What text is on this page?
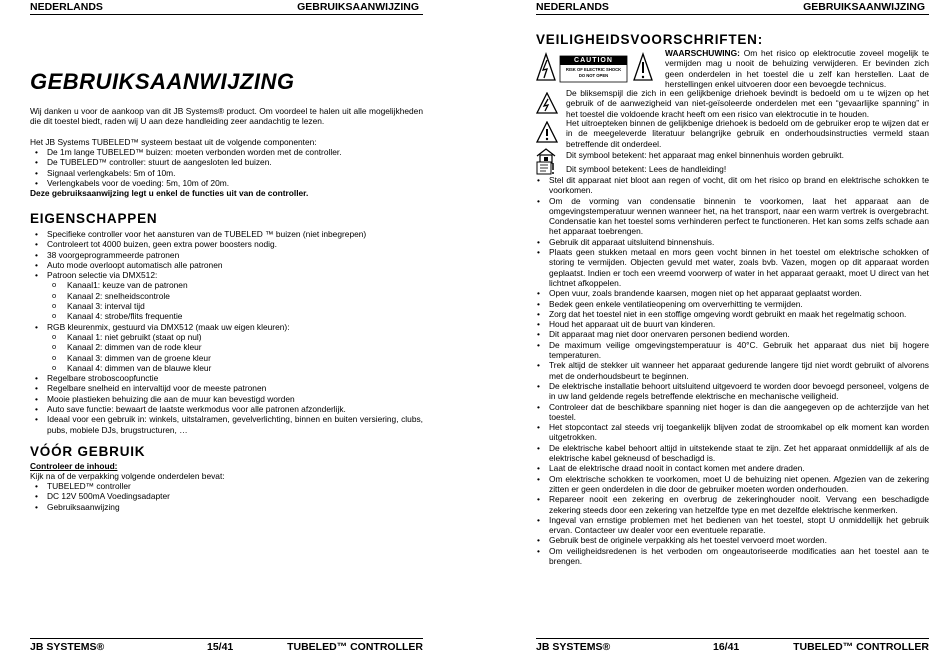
NEDERLANDS	GEBRUIKSAANWIJZING
GEBRUIKSAANWIJZING
Wij danken u voor de aankoop van dit JB Systems® product. Om voordeel te halen uit alle mogelijkheden die dit toestel biedt, raden wij U aan deze handleiding zeer aandachtig te lezen.
Het JB Systems TUBELED™ systeem bestaat uit de volgende componenten:
• De 1m lange TUBELED™ buizen: moeten verbonden worden met de controller.
• De TUBELED™ controller: stuurt de aangesloten led buizen.
• Signaal verlengkabels: 5m of 10m.
• Verlengkabels voor de voeding: 5m, 10m of 20m.
Deze gebruiksaanwijzing legt u enkel de functies uit van de controller.
EIGENSCHAPPEN
• Specifieke controller voor het aansturen van de TUBELED ™ buizen (niet inbegrepen)
• Controleert tot 4000 buizen, geen extra power boosters nodig.
• 38 voorgeprogrammeerde patronen
• Auto mode overloopt automatisch alle patronen
• Patroon selectie via DMX512:
o Kanaal1: keuze van de patronen
o Kanaal 2: snelheidscontrole
o Kanaal 3: interval tijd
o Kanaal 4: strobe/flits frequentie
• RGB kleurenmix, gestuurd via DMX512 (maak uw eigen kleuren):
o Kanaal 1: niet gebruikt (staat op nul)
o Kanaal 2: dimmen van de rode kleur
o Kanaal 3: dimmen van de groene kleur
o Kanaal 4: dimmen van de blauwe kleur
• Regelbare stroboscoopfunctie
• Regelbare snelheid en intervaltijd voor de meeste patronen
• Mooie plastieken behuizing die aan de muur kan bevestigd worden
• Auto save functie: bewaart de laatste werkmodus voor alle patronen afzonderlijk.
• Ideaal voor een gebruik in: winkels, uitstalramen, gevelverlichting, binnen en buiten versiering, clubs, pubs, mobiele DJs, brugstructuren, …
VÓÓR GEBRUIK
Controleer de inhoud:
Kijk na of de verpakking volgende onderdelen bevat:
• TUBELED™ controller
• DC 12V 500mA Voedingsadapter
• Gebruiksaanwijzing
JB SYSTEMS®	15/41	TUBELED™ CONTROLLER
NEDERLANDS	GEBRUIKSAANWIJZING
VEILIGHEIDSVOORSCHRIFTEN:
CAUTION
RISK OF ELECTRIC SHOCK
DO NOT OPEN
WAARSCHUWING: Om het risico op elektrocutie zoveel mogelijk te vermijden mag u nooit de behuizing verwijderen. Er bevinden zich geen onderdelen in het toestel die u zelf kan herstellen. Laat de herstellingen enkel uitvoeren door een bevoegde technicus.
De bliksemspijl die zich in een gelijkbenige driehoek bevindt is bedoeld om u te wijzen op het gebruik of de aanwezigheid van niet-geïsoleerde onderdelen met een “gevaarlijke spanning” in het toestel die voldoende kracht heeft om een risico van elektrocutie in te houden.
Het uitroepteken binnen de gelijkbenige driehoek is bedoeld om de gebruiker erop te wijzen dat er in de meegeleverde literatuur belangrijke gebruik en onderhoudsinstructies vermeld staan betreffende dit onderdeel.
Dit symbool betekent: het apparaat mag enkel binnenhuis worden gebruikt.
Dit symbool betekent: Lees de handleiding!
• Stel dit apparaat niet bloot aan regen of vocht, dit om het risico op brand en elektrische schokken te voorkomen.
• Om de vorming van condensatie binnenin te voorkomen, laat het apparaat aan de omgevingstemperatuur wennen wanneer het, na het transport, naar een warm vertrek is overgebracht. Condensatie kan het toestel soms verhinderen perfect te functioneren. Het kan soms zelfs schade aan het apparaat toebrengen.
• Gebruik dit apparaat uitsluitend binnenshuis.
• Plaats geen stukken metaal en mors geen vocht binnen in het toestel om elektrische schokken of storing te vermijden. Objecten gevuld met water, zoals bvb. Vazen, mogen op dit apparaat worden geplaatst. Indien er toch een vreemd voorwerp of water in het apparaat geraakt, moet U direct van het lichtnet afkoppelen.
• Open vuur, zoals brandende kaarsen, mogen niet op het apparaat geplaatst worden.
• Bedek geen enkele ventilatieopening om oververhitting te vermijden.
• Zorg dat het toestel niet in een stoffige omgeving wordt gebruikt en maak het regelmatig schoon.
• Houd het apparaat uit de buurt van kinderen.
• Dit apparaat mag niet door onervaren personen bediend worden.
• De maximum veilige omgevingstemperatuur is 40°C. Gebruik het apparaat dus niet bij hogere temperaturen.
• Trek altijd de stekker uit wanneer het apparaat gedurende langere tijd niet wordt gebruikt of alvorens met de onderhoudsbeurt te beginnen.
• De elektrische installatie behoort uitsluitend uitgevoerd te worden door bevoegd personeel, volgens de in uw land geldende regels betreffende elektrische en mechanische veiligheid.
• Controleer dat de beschikbare spanning niet hoger is dan die aangegeven op de achterzijde van het toestel.
• Het stopcontact zal steeds vrij toegankelijk blijven zodat de stroomkabel op elk moment kan worden uitgetrokken.
• De elektrische kabel behoort altijd in uitstekende staat te zijn. Zet het apparaat onmiddellijk af als de elektrische kabel gekneusd of beschadigd is.
• Laat de elektrische draad nooit in contact komen met andere draden.
• Om elektrische schokken te voorkomen, moet U de behuizing niet openen. Afgezien van de zekering zitten er geen onderdelen in die door de gebruiker moeten worden onderhouden.
• Repareer nooit een zekering en overbrug de zekeringhouder nooit. Vervang een beschadigde zekering steeds door een zekering van hetzelfde type en met dezelfde elektrische kenmerken.
• Ingeval van ernstige problemen met het bedienen van het toestel, stopt U onmiddellijk het gebruik ervan. Contacteer uw dealer voor een eventuele reparatie.
• Gebruik best de originele verpakking als het toestel vervoerd moet worden.
• Om veiligheidsredenen is het verboden om ongeautoriseerde modificaties aan het toestel aan te brengen.
JB SYSTEMS®	16/41	TUBELED™ CONTROLLER
